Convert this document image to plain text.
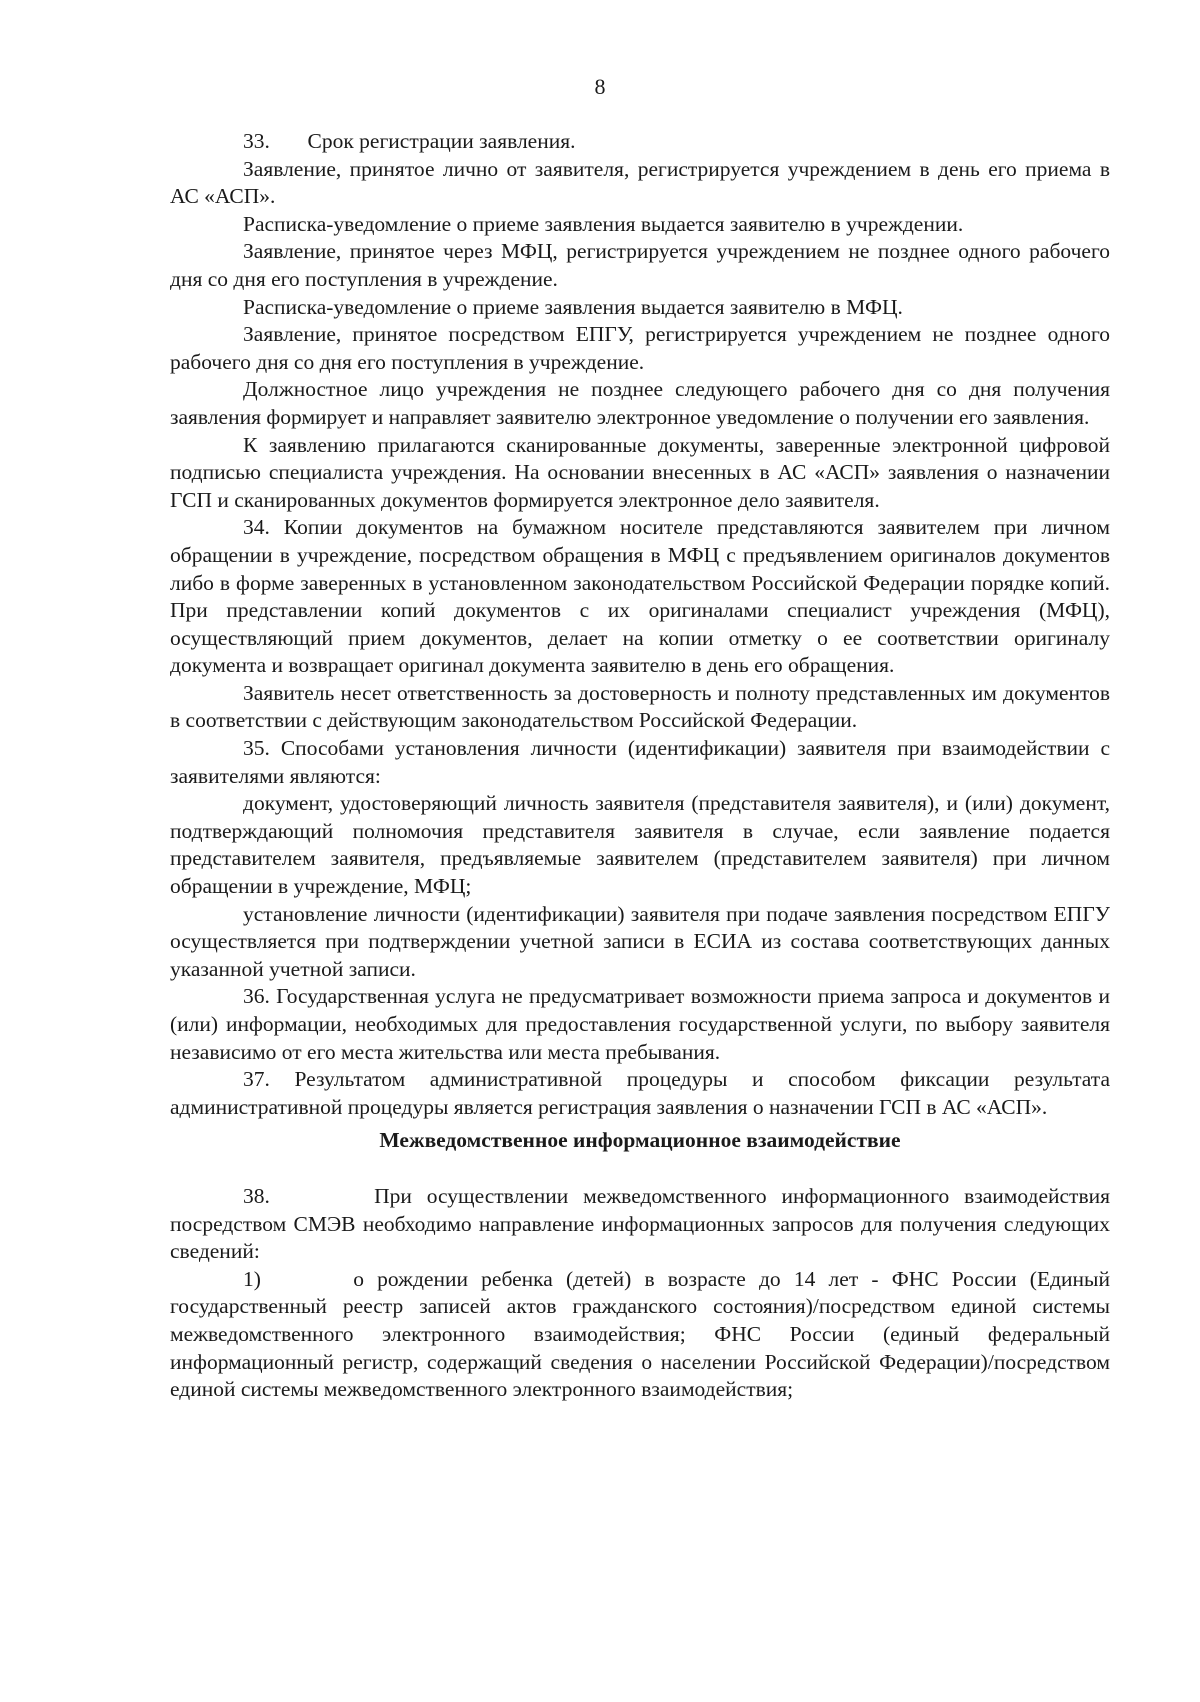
8

33.       Срок регистрации заявления.

Заявление, принятое лично от заявителя, регистрируется учреждением в день его приема в АС «АСП».

Расписка-уведомление о приеме заявления выдается заявителю в учреждении.

Заявление, принятое через МФЦ, регистрируется учреждением не позднее одного рабочего дня со дня его поступления в учреждение.

Расписка-уведомление о приеме заявления выдается заявителю в МФЦ.

Заявление, принятое посредством ЕПГУ, регистрируется учреждением не позднее одного рабочего дня со дня его поступления в учреждение.

Должностное лицо учреждения не позднее следующего рабочего дня со дня получения заявления формирует и направляет заявителю электронное уведомление о получении его заявления.

К заявлению прилагаются сканированные документы, заверенные электронной цифровой подписью специалиста учреждения. На основании внесенных в АС «АСП» заявления о назначении ГСП и сканированных документов формируется электронное дело заявителя.

34. Копии документов на бумажном носителе представляются заявителем при личном обращении в учреждение, посредством обращения в МФЦ с предъявлением оригиналов документов либо в форме заверенных в установленном законодательством Российской Федерации порядке копий. При представлении копий документов с их оригиналами специалист учреждения (МФЦ), осуществляющий прием документов, делает на копии отметку о ее соответствии оригиналу документа и возвращает оригинал документа заявителю в день его обращения.

Заявитель несет ответственность за достоверность и полноту представленных им документов в соответствии с действующим законодательством Российской Федерации.

35. Способами установления личности (идентификации) заявителя при взаимодействии с заявителями являются:

документ, удостоверяющий личность заявителя (представителя заявителя), и (или) документ, подтверждающий полномочия представителя заявителя в случае, если заявление подается представителем заявителя, предъявляемые заявителем (представителем заявителя) при личном обращении в учреждение, МФЦ;

установление личности (идентификации) заявителя при подаче заявления посредством ЕПГУ осуществляется при подтверждении учетной записи в ЕСИА из состава соответствующих данных указанной учетной записи.

36. Государственная услуга не предусматривает возможности приема запроса и документов и (или) информации, необходимых для предоставления государственной услуги, по выбору заявителя независимо от его места жительства или места пребывания.

37. Результатом административной процедуры и способом фиксации результата административной процедуры является регистрация заявления о назначении ГСП в АС «АСП».

Межведомственное информационное взаимодействие

38.       При осуществлении межведомственного информационного взаимодействия посредством СМЭВ необходимо направление информационных запросов для получения следующих сведений:

1)       о рождении ребенка (детей) в возрасте до 14 лет - ФНС России (Единый государственный реестр записей актов гражданского состояния)/посредством единой системы межведомственного электронного взаимодействия; ФНС России (единый федеральный информационный регистр, содержащий сведения о населении Российской Федерации)/посредством единой системы межведомственного электронного взаимодействия;
